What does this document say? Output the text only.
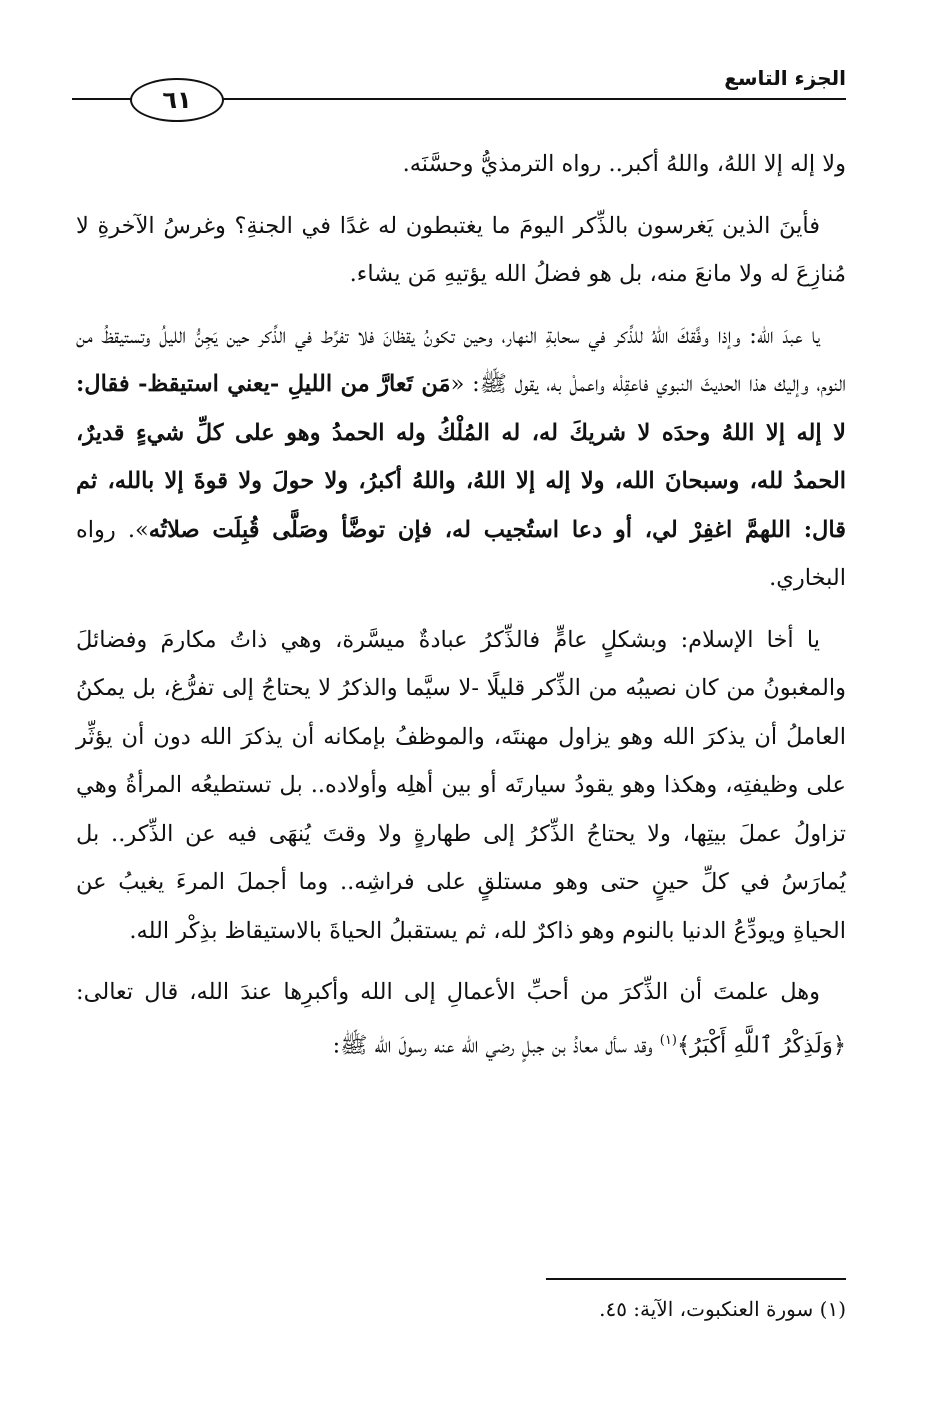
الجزء التاسع
٦١

ولا إله إلا اللهُ، واللهُ أكبر.. رواه الترمذيُّ وحسَّنَه.

فأينَ الذين يَغرسون بالذِّكر اليومَ ما يغتبطون له غدًا في الجنةِ؟ وغرسُ الآخرةِ لا مُنازِعَ له ولا مانعَ منه، بل هو فضلُ الله يؤتيهِ مَن يشاء.

يا عبدَ الله: وإذا وفَّقكَ اللهُ للذِّكر في سحابةِ النهار، وحين تكونُ يقظانَ فلا تفرِّط في الذِّكر حين يَجِنُّ الليلُ وتستيقظُ من النوم، وإليك هذا الحديثَ النبوي فاعقِلْه واعملْ به، يقول ﷺ: «مَن تَعارَّ من الليلِ -يعني استيقظ- فقال: لا إله إلا اللهُ وحدَه لا شريكَ له، له المُلْكُ وله الحمدُ وهو على كلِّ شيءٍ قديرٌ، الحمدُ لله، وسبحانَ الله، ولا إله إلا اللهُ، واللهُ أكبرُ، ولا حولَ ولا قوةَ إلا بالله، ثم قال: اللهمَّ اغفِرْ لي، أو دعا استُجيب له، فإن توضَّأ وصَلَّى قُبِلَت صلاتُه». رواه البخاري.

يا أخا الإسلام: وبشكلٍ عامٍّ فالذِّكرُ عبادةٌ ميسَّرة، وهي ذاتُ مكارمَ وفضائلَ والمغبونُ من كان نصيبُه من الذِّكر قليلًا -لا سيَّما والذكرُ لا يحتاجُ إلى تفرُّغ، بل يمكنُ العاملُ أن يذكرَ الله وهو يزاول مهنتَه، والموظفُ بإمكانه أن يذكرَ الله دون أن يؤثِّر على وظيفتِه، وهكذا وهو يقودُ سيارتَه أو بين أهلِه وأولاده.. بل تستطيعُه المرأةُ وهي تزاولُ عملَ بيتِها، ولا يحتاجُ الذِّكرُ إلى طهارةٍ ولا وقتَ يُنهَى فيه عن الذِّكر.. بل يُمارَسُ في كلِّ حينٍ حتى وهو مستلقٍ على فراشِه.. وما أجملَ المرءَ يغيبُ عن الحياةِ ويودِّعُ الدنيا بالنوم وهو ذاكرٌ لله، ثم يستقبلُ الحياةَ بالاستيقاظ بذِكْر الله.

وهل علمتَ أن الذِّكرَ من أحبِّ الأعمالِ إلى الله وأكبرِها عندَ الله، قال تعالى: ﴿وَلَذِكْرُ ٱللَّهِ أَكْبَرُ﴾$^{(١)}$ وقد سأل معاذُ بن جبلٍ رضي الله عنه رسولَ الله ﷺ:

(١) سورة العنكبوت، الآية: ٤٥.
